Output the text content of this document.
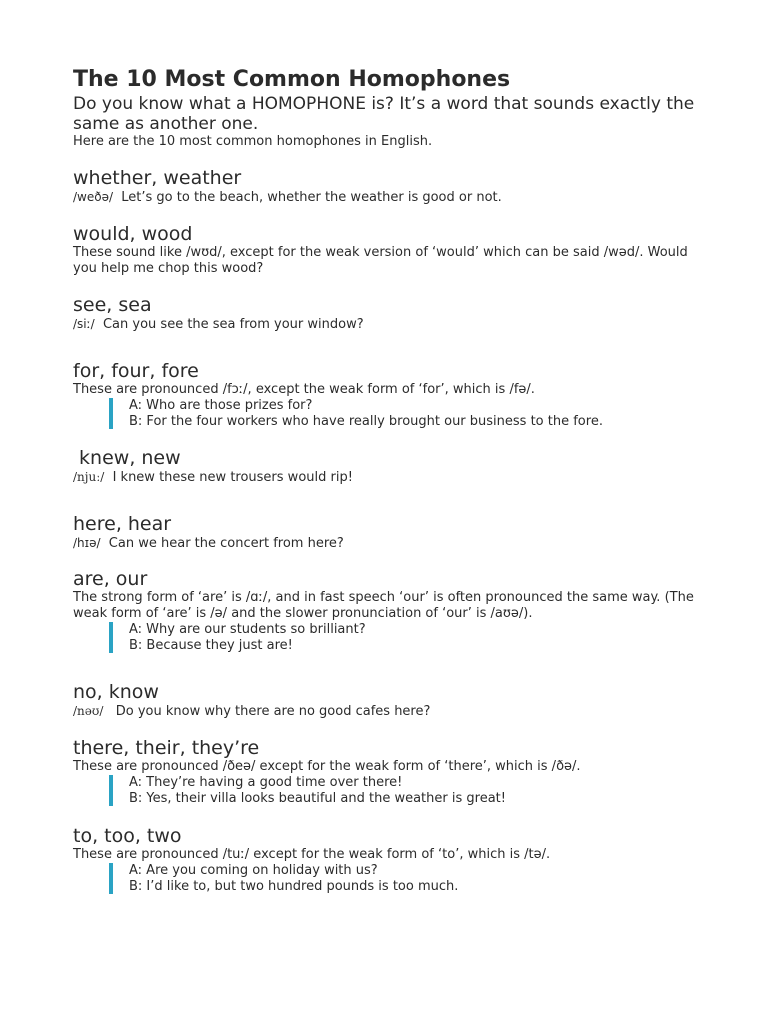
The 10 Most Common Homophones

Do you know what a HOMOPHONE is? It’s a word that sounds exactly the same as another one.

Here are the 10 most common homophones in English.

whether, weather

/weðə/  Let’s go to the beach, whether the weather is good or not.

would, wood

These sound like /wʊd/, except for the weak version of ‘would’ which can be said /wəd/. Would you help me chop this wood?

see, sea

/siː/  Can you see the sea from your window?

for, four, fore

These are pronounced /fɔː/, except the weak form of ‘for’, which is /fə/.

A: Who are those prizes for?

B: For the four workers who have really brought our business to the fore.

knew, new

/njuː/  I knew these new trousers would rip!

here, hear

/hɪə/  Can we hear the concert from here?

are, our

The strong form of ‘are’ is /ɑː/, and in fast speech ‘our’ is often pronounced the same way. (The weak form of ‘are’ is /ə/ and the slower pronunciation of ‘our’ is /aʊə/).

A: Why are our students so brilliant?

B: Because they just are!

no, know

/nəʊ/   Do you know why there are no good cafes here?

there, their, they’re

These are pronounced /ðeə/ except for the weak form of ‘there’, which is /ðə/.

A: They’re having a good time over there!

B: Yes, their villa looks beautiful and the weather is great!

to, too, two

These are pronounced /tuː/ except for the weak form of ‘to’, which is /tə/.

A: Are you coming on holiday with us?

B: I’d like to, but two hundred pounds is too much.
